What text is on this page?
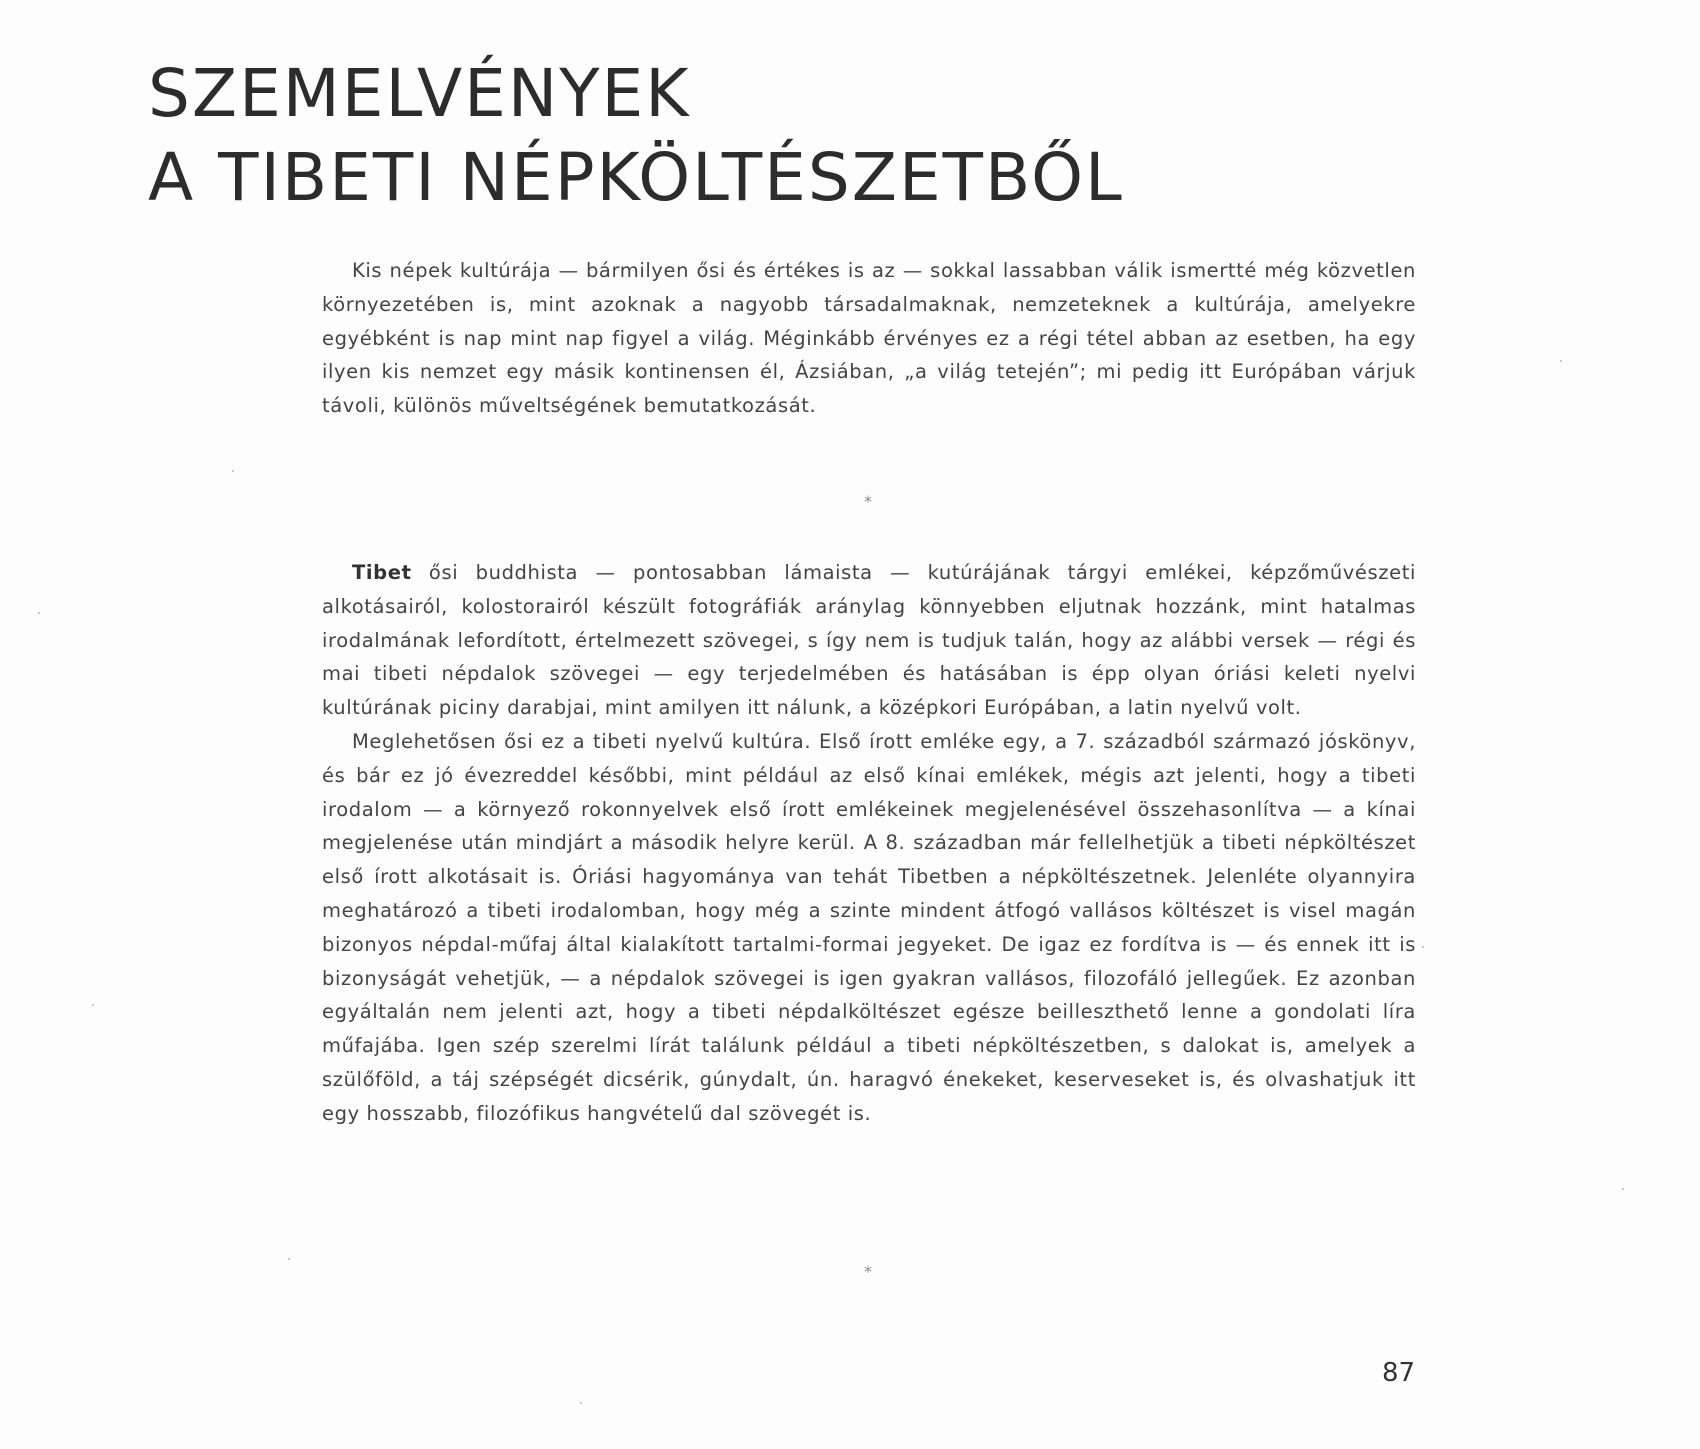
SZEMELVÉNYEK
A TIBETI NÉPKÖLTÉSZETBŐL

Kis népek kultúrája — bármilyen ősi és értékes is az — sokkal lassabban válik ismertté még közvetlen környezetében is, mint azoknak a nagyobb társadalmaknak, nemzeteknek a kultúrája, amelyekre egyébként is nap mint nap figyel a világ. Méginkább érvényes ez a régi tétel abban az esetben, ha egy ilyen kis nemzet egy másik kontinensen él, Ázsiában, „a világ tetején”; mi pedig itt Európában várjuk távoli, különös műveltségének bemutatkozását.

*

Tibet ősi buddhista — pontosabban lámaista — kutúrájának tárgyi emlékei, képzőművészeti alkotásairól, kolostorairól készült fotográfiák aránylag könnyebben eljutnak hozzánk, mint hatalmas irodalmának lefordított, értelmezett szövegei, s így nem is tudjuk talán, hogy az alábbi versek — régi és mai tibeti népdalok szövegei — egy terjedelmében és hatásában is épp olyan óriási keleti nyelvi kultúrának piciny darabjai, mint amilyen itt nálunk, a középkori Európában, a latin nyelvű volt.

Meglehetősen ősi ez a tibeti nyelvű kultúra. Első írott emléke egy, a 7. századból származó jóskönyv, és bár ez jó évezreddel későbbi, mint például az első kínai emlékek, mégis azt jelenti, hogy a tibeti irodalom — a környező rokonnyelvek első írott emlékeinek megjelenésével összehasonlítva — a kínai megjelenése után mindjárt a második helyre kerül. A 8. században már fellelhetjük a tibeti népköltészet első írott alkotásait is. Óriási hagyománya van tehát Tibetben a népköltészetnek. Jelenléte olyannyira meghatározó a tibeti irodalomban, hogy még a szinte mindent átfogó vallásos költészet is visel magán bizonyos népdal-műfaj által kialakított tartalmi-formai jegyeket. De igaz ez fordítva is — és ennek itt is bizonyságát vehetjük, — a népdalok szövegei is igen gyakran vallásos, filozofáló jellegűek. Ez azonban egyáltalán nem jelenti azt, hogy a tibeti népdalköltészet egésze beilleszthető lenne a gondolati líra műfajába. Igen szép szerelmi lírát találunk például a tibeti népköltészetben, s dalokat is, amelyek a szülőföld, a táj szépségét dicsérik, gúnydalt, ún. haragvó énekeket, keserveseket is, és olvashatjuk itt egy hosszabb, filozófikus hangvételű dal szövegét is.

*
87
